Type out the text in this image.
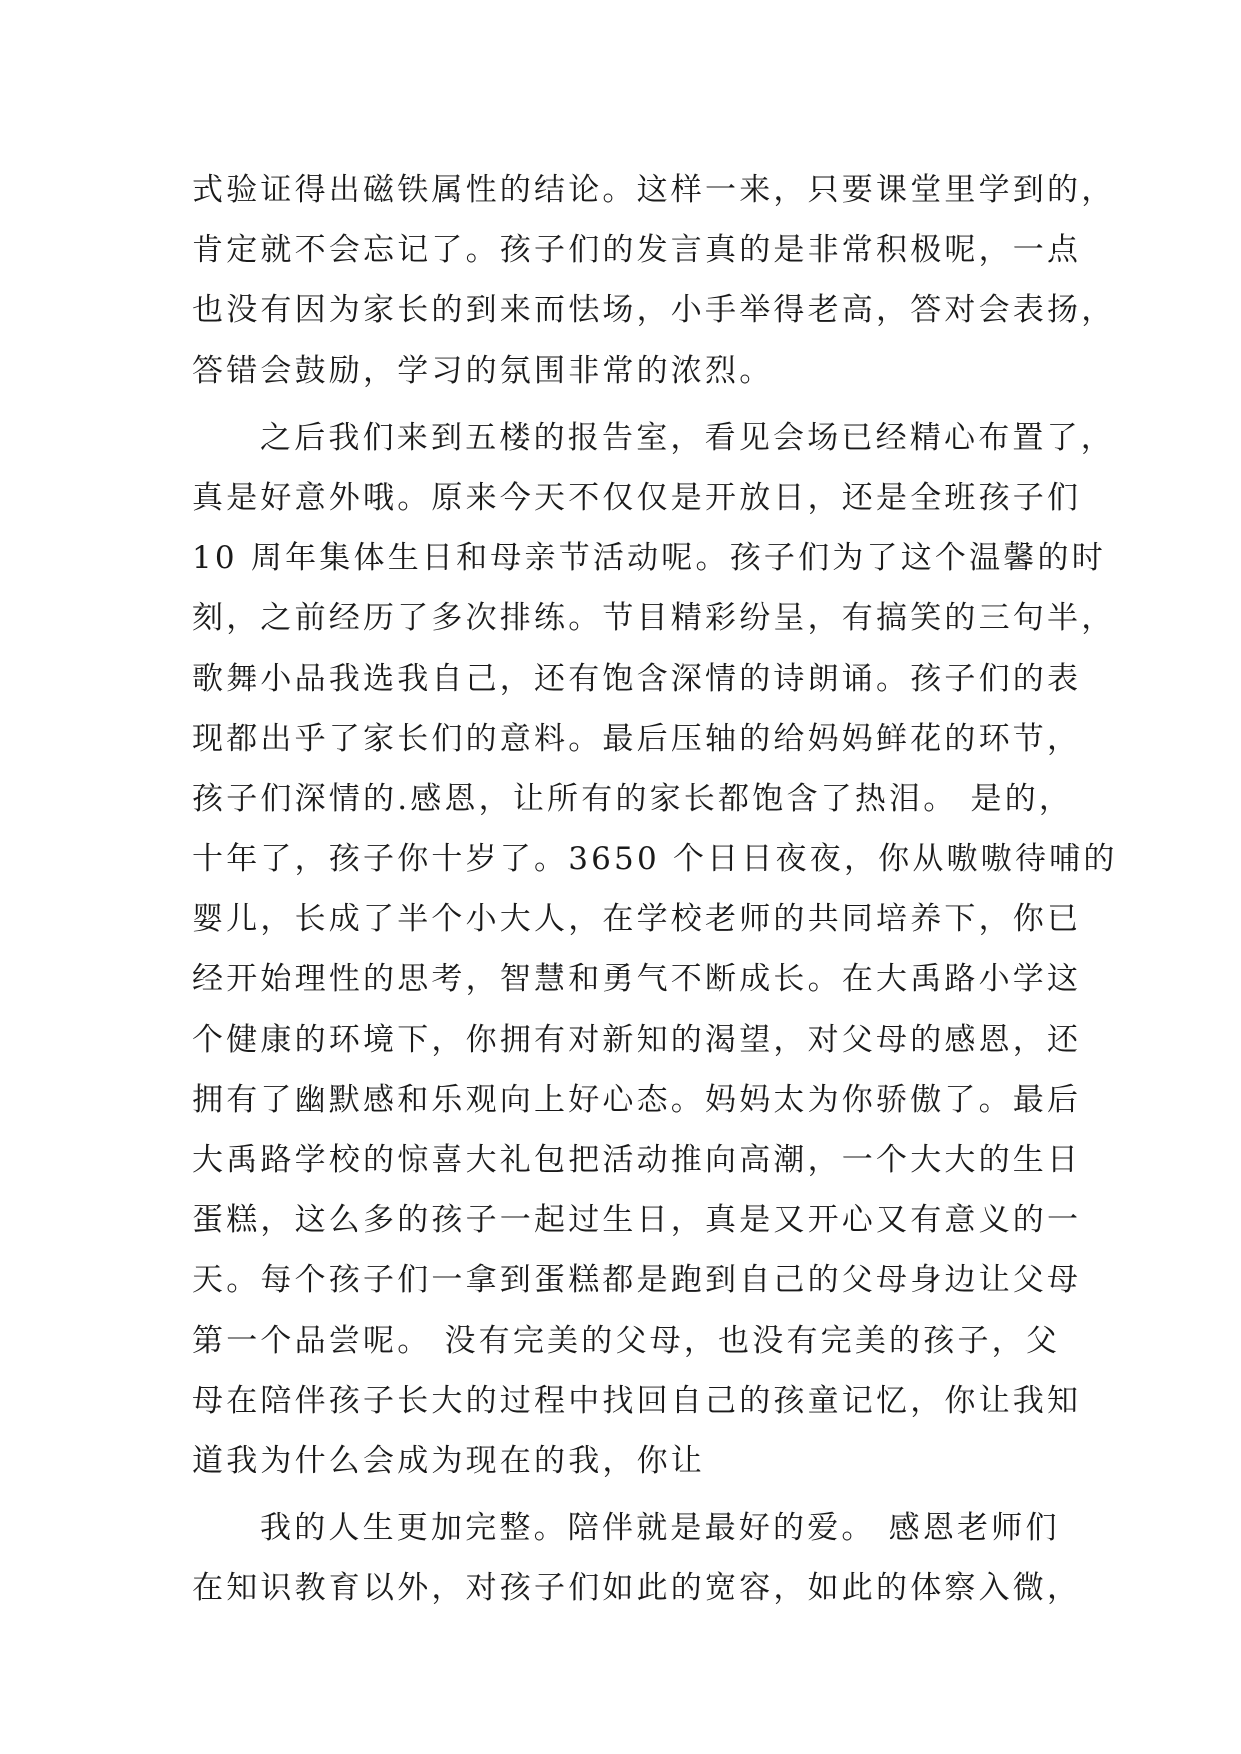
式验证得出磁铁属性的结论。这样一来，只要课堂里学到的，
肯定就不会忘记了。孩子们的发言真的是非常积极呢，一点
也没有因为家长的到来而怯场，小手举得老高，答对会表扬，
答错会鼓励，学习的氛围非常的浓烈。
之后我们来到五楼的报告室，看见会场已经精心布置了，
真是好意外哦。原来今天不仅仅是开放日，还是全班孩子们
10 周年集体生日和母亲节活动呢。孩子们为了这个温馨的时
刻，之前经历了多次排练。节目精彩纷呈，有搞笑的三句半，
歌舞小品我选我自己，还有饱含深情的诗朗诵。孩子们的表
现都出乎了家长们的意料。最后压轴的给妈妈鲜花的环节，
孩子们深情的.感恩，让所有的家长都饱含了热泪。 是的，
十年了，孩子你十岁了。3650 个日日夜夜，你从嗷嗷待哺的
婴儿，长成了半个小大人，在学校老师的共同培养下，你已
经开始理性的思考，智慧和勇气不断成长。在大禹路小学这
个健康的环境下，你拥有对新知的渴望，对父母的感恩，还
拥有了幽默感和乐观向上好心态。妈妈太为你骄傲了。最后
大禹路学校的惊喜大礼包把活动推向高潮，一个大大的生日
蛋糕，这么多的孩子一起过生日，真是又开心又有意义的一
天。每个孩子们一拿到蛋糕都是跑到自己的父母身边让父母
第一个品尝呢。 没有完美的父母，也没有完美的孩子，父
母在陪伴孩子长大的过程中找回自己的孩童记忆，你让我知
道我为什么会成为现在的我，你让
我的人生更加完整。陪伴就是最好的爱。 感恩老师们
在知识教育以外，对孩子们如此的宽容，如此的体察入微，
